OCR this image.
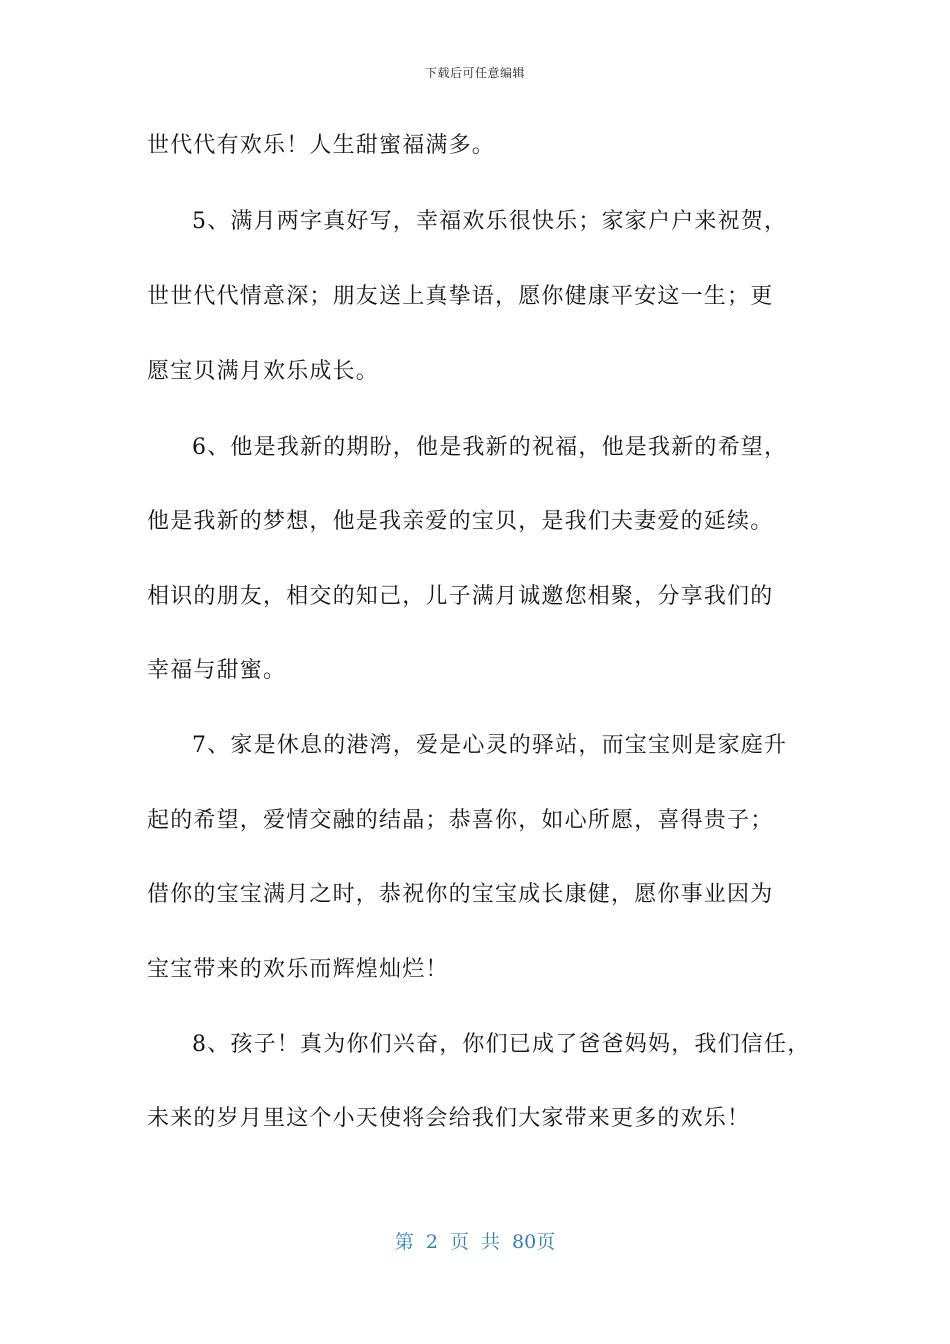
下载后可任意编辑
世代代有欢乐！人生甜蜜福满多。
5、满月两字真好写，幸福欢乐很快乐；家家户户来祝贺，
世世代代情意深；朋友送上真挚语，愿你健康平安这一生；更
愿宝贝满月欢乐成长。
6、他是我新的期盼，他是我新的祝福，他是我新的希望，
他是我新的梦想，他是我亲爱的宝贝，是我们夫妻爱的延续。
相识的朋友，相交的知己，儿子满月诚邀您相聚，分享我们的
幸福与甜蜜。
7、家是休息的港湾，爱是心灵的驿站，而宝宝则是家庭升
起的希望，爱情交融的结晶；恭喜你，如心所愿，喜得贵子；
借你的宝宝满月之时，恭祝你的宝宝成长康健，愿你事业因为
宝宝带来的欢乐而辉煌灿烂！
8、孩子！真为你们兴奋，你们已成了爸爸妈妈，我们信任，
未来的岁月里这个小天使将会给我们大家带来更多的欢乐！
第 2 页 共 80页
